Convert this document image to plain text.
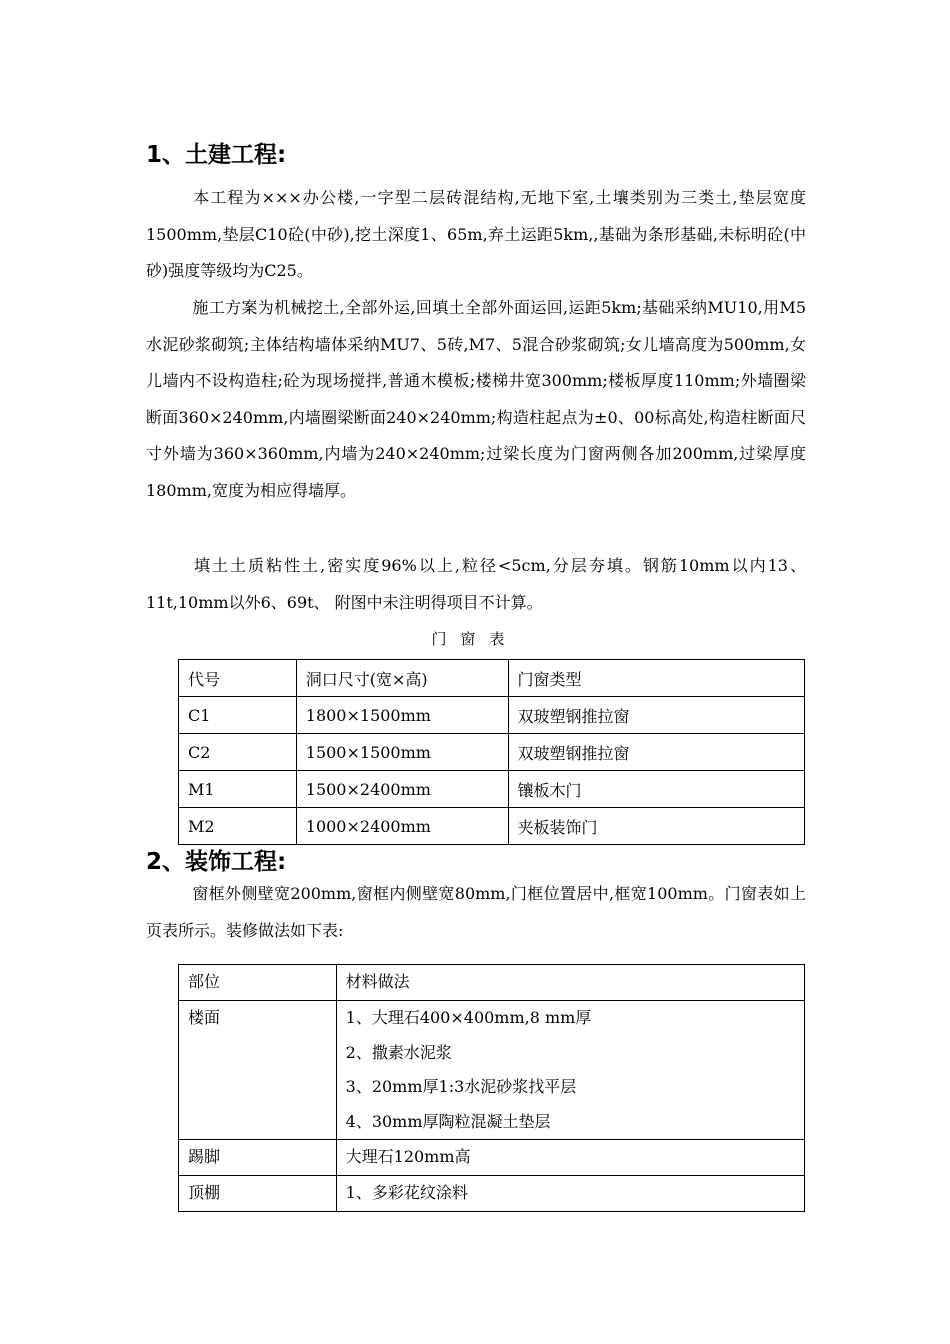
1、土建工程:
本工程为×××办公楼,一字型二层砖混结构,无地下室,土壤类别为三类土,垫层宽度1500mm,垫层C10砼(中砂),挖土深度1、65m,弃土运距5km,,基础为条形基础,未标明砼(中砂)强度等级均为C25。
施工方案为机械挖土,全部外运,回填土全部外面运回,运距5km;基础采纳MU10,用M5水泥砂浆砌筑;主体结构墙体采纳MU7、5砖,M7、5混合砂浆砌筑;女儿墙高度为500mm,女儿墙内不设构造柱;砼为现场搅拌,普通木模板;楼梯井宽300mm;楼板厚度110mm;外墙圈梁断面360×240mm,内墙圈梁断面240×240mm;构造柱起点为±0、00标高处,构造柱断面尺寸外墙为360×360mm,内墙为240×240mm;过梁长度为门窗两侧各加200mm,过梁厚度180mm,宽度为相应得墙厚。
填土土质粘性土,密实度96%以上,粒径<5cm,分层夯填。钢筋10mm以内13、11t,10mm以外6、69t、 附图中未注明得项目不计算。
门窗表
代号	洞口尺寸(宽×高)	门窗类型
C1	1800×1500mm	双玻塑钢推拉窗
C2	1500×1500mm	双玻塑钢推拉窗
M1	1500×2400mm	镶板木门
M2	1000×2400mm	夹板装饰门
2、装饰工程:
窗框外侧壁宽200mm,窗框内侧壁宽80mm,门框位置居中,框宽100mm。门窗表如上页表所示。装修做法如下表:
部位	材料做法
楼面	1、大理石400×400mm,8 mm厚
2、撒素水泥浆
3、20mm厚1:3水泥砂浆找平层
4、30mm厚陶粒混凝土垫层

踢脚	大理石120mm高
顶棚	1、多彩花纹涂料
